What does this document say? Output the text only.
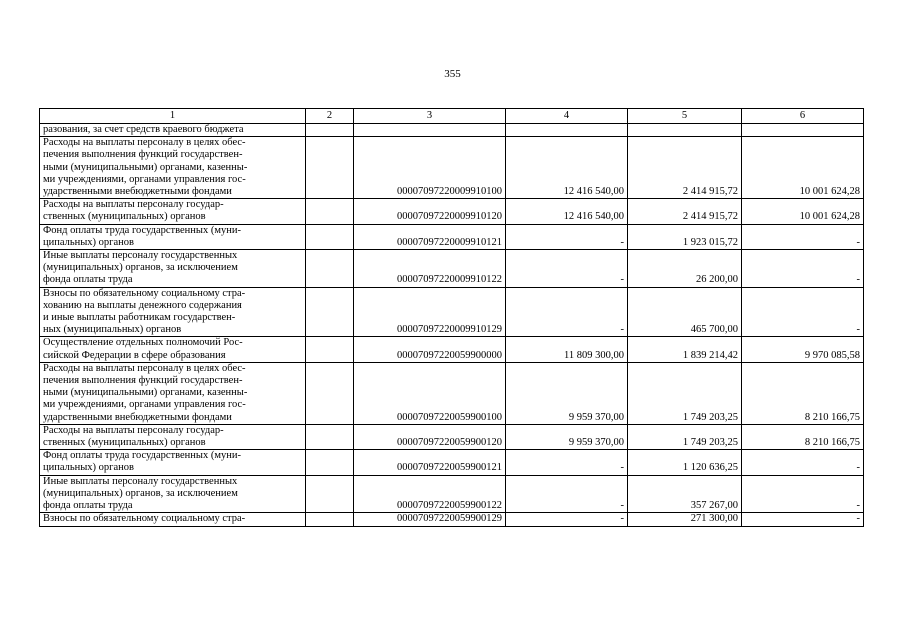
355
1	2	3	4	5	6

разования, за счет средств краевого бюджета					

Расходы на выплаты персоналу в целях обес-
печения выполнения функций государствен-
ными (муниципальными) органами, казенны-
ми учреждениями, органами управления гос-
ударственными внебюджетными фондами		00007097220009910100	12 416 540,00	2 414 915,72	10 001 624,28

Расходы на выплаты персоналу государ-
ственных (муниципальных) органов		00007097220009910120	12 416 540,00	2 414 915,72	10 001 624,28

Фонд оплаты труда государственных (муни-
ципальных) органов		00007097220009910121	-	1 923 015,72	-

Иные выплаты персоналу государственных
(муниципальных) органов, за исключением
фонда оплаты труда		00007097220009910122	-	26 200,00	-

Взносы по обязательному социальному стра-
хованию на выплаты денежного содержания
и иные выплаты работникам государствен-
ных (муниципальных) органов		00007097220009910129	-	465 700,00	-

Осуществление отдельных полномочий Рос-
сийской Федерации в сфере образования		00007097220059900000	11 809 300,00	1 839 214,42	9 970 085,58

Расходы на выплаты персоналу в целях обес-
печения выполнения функций государствен-
ными (муниципальными) органами, казенны-
ми учреждениями, органами управления гос-
ударственными внебюджетными фондами		00007097220059900100	9 959 370,00	1 749 203,25	8 210 166,75

Расходы на выплаты персоналу государ-
ственных (муниципальных) органов		00007097220059900120	9 959 370,00	1 749 203,25	8 210 166,75

Фонд оплаты труда государственных (муни-
ципальных) органов		00007097220059900121	-	1 120 636,25	-

Иные выплаты персоналу государственных
(муниципальных) органов, за исключением
фонда оплаты труда		00007097220059900122	-	357 267,00	-

Взносы по обязательному социальному стра-		00007097220059900129	-	271 300,00	-
